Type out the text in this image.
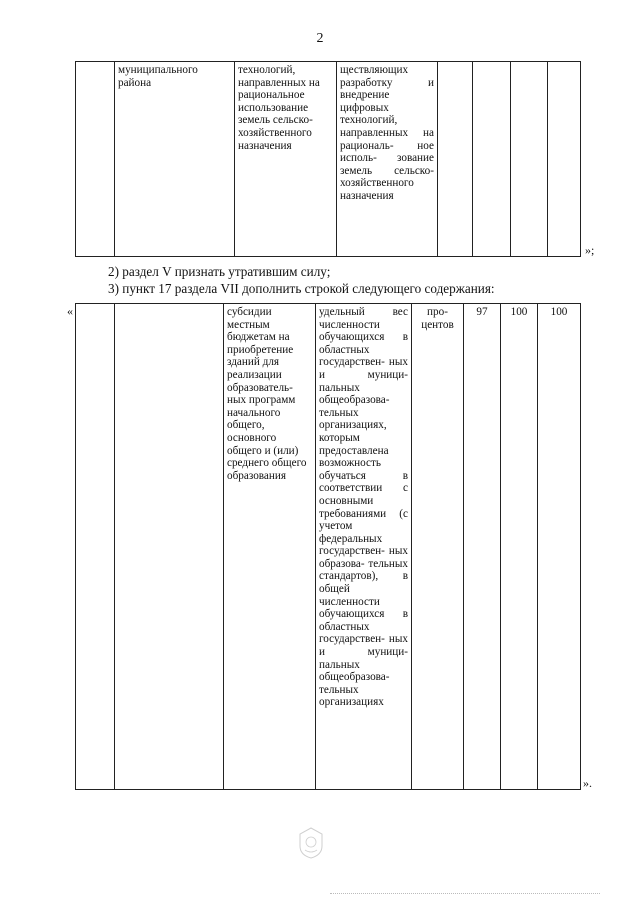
2
	муниципального района	технологий, направленных на рациональное использование земель сельско- хозяйственного назначения	ществляющих разработку и внедрение цифровых технологий, направленных на рациональ- ное исполь- зование земель сельско- хозяйственного назначения				
»;
2) раздел V признать утратившим силу;
3) пункт 17 раздела VII дополнить строкой следующего содержания:
«
			субсидии местным бюджетам на приобретение зданий для реализации образователь- ных программ начального общего, основного общего и (или) среднего общего образования	удельный вес численности обучающихся в областных государствен- ных и муници- пальных общеобразова- тельных организациях, которым предоставлена возможность обучаться в соответствии с основными требованиями (с учетом федеральных государствен- ных образова- тельных стандартов), в общей численности обучающихся в областных государствен- ных и муници- пальных общеобразова- тельных организациях	про- центов	97	100	100
».
